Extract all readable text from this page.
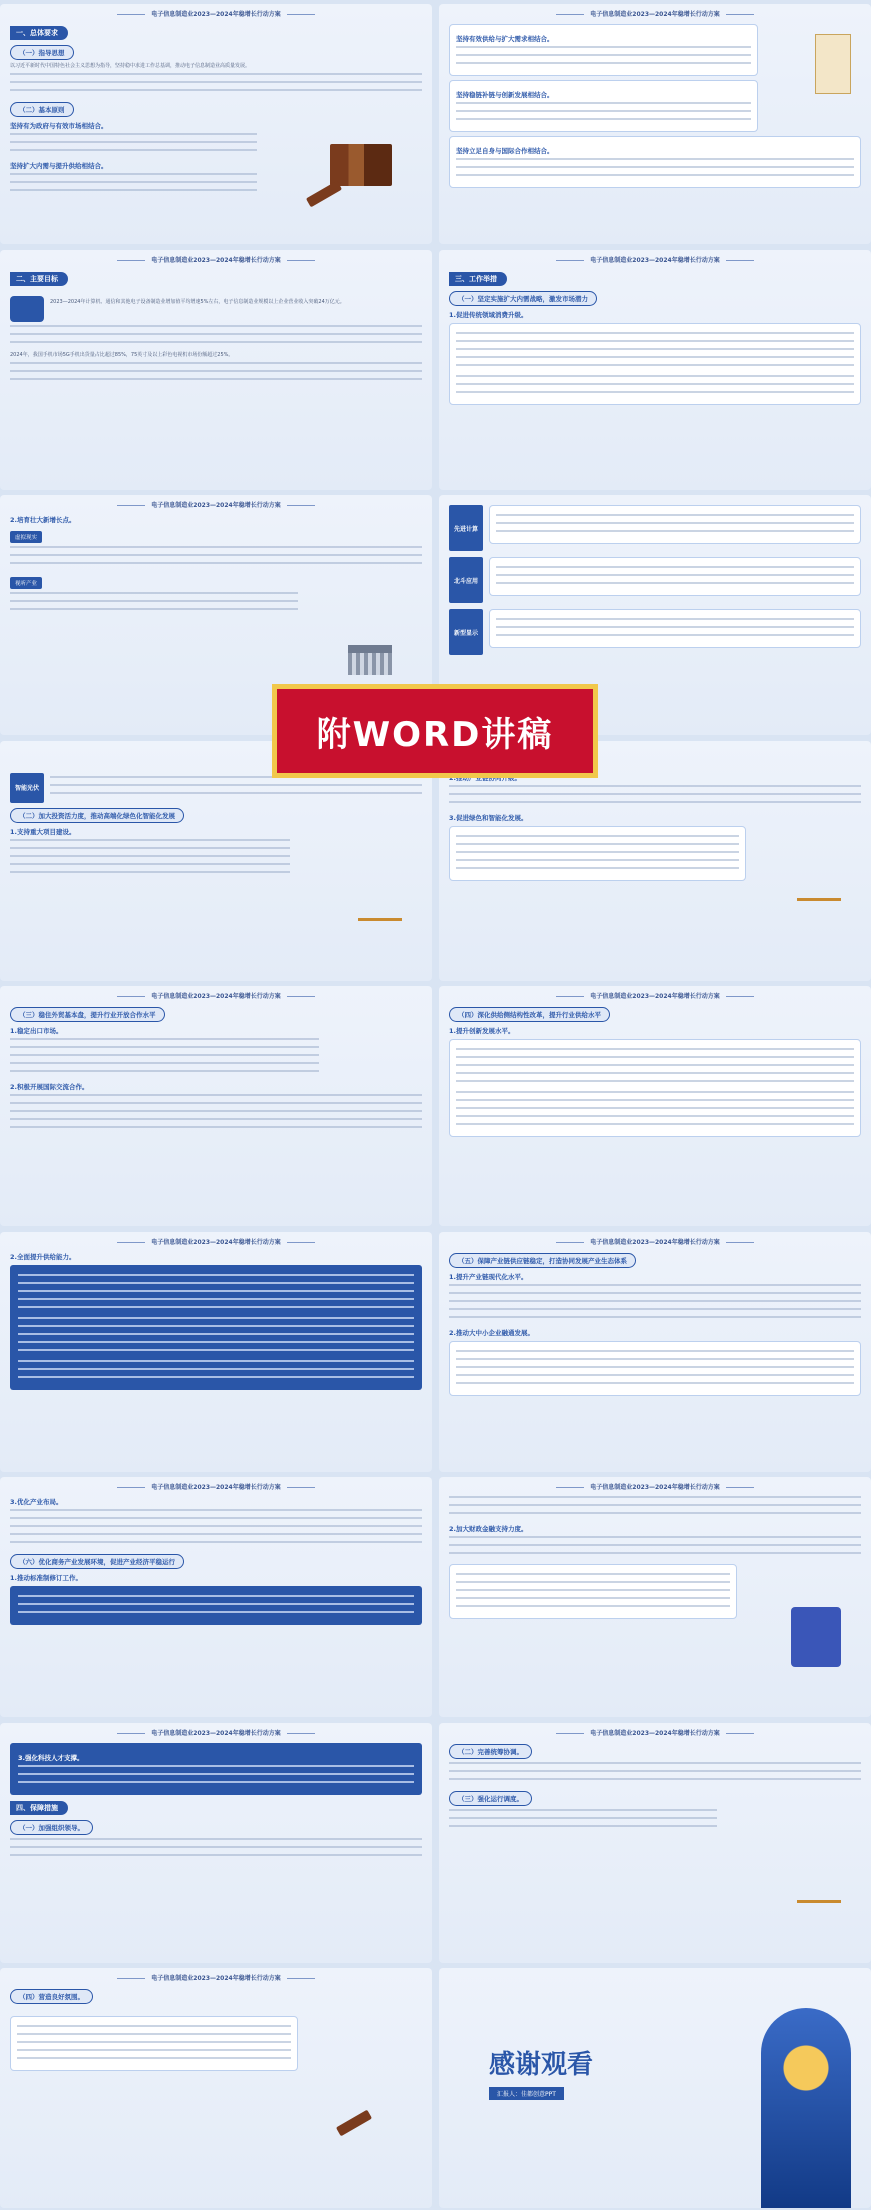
电子信息制造业2023—2024年稳增长行动方案
一、总体要求
（一）指导思想
以习近平新时代中国特色社会主义思想为指导，坚持稳中求进工作总基调，推动电子信息制造业高质量发展。
（二）基本原则
坚持有为政府与有效市场相结合。
坚持扩大内需与提升供给相结合。
电子信息制造业2023—2024年稳增长行动方案
坚持有效供给与扩大需求相结合。
坚持稳链补链与创新发展相结合。
坚持立足自身与国际合作相结合。
电子信息制造业2023—2024年稳增长行动方案
二、主要目标
2023—2024年计算机、通信和其他电子设备制造业增加值平均增速5%左右，电子信息制造业规模以上企业营业收入突破24万亿元。
2024年，我国手机市场5G手机出货量占比超过85%，75英寸及以上彩色电视机市场份额超过25%。
电子信息制造业2023—2024年稳增长行动方案
三、工作举措
（一）坚定实施扩大内需战略，激发市场潜力
1.促进传统领域消费升级。
电子信息制造业2023—2024年稳增长行动方案
2.培育壮大新增长点。
虚拟现实
视听产业
先进计算
北斗应用
新型显示
智能光伏
（二）加大投资活力度，推动高端化绿色化智能化发展
1.支持重大项目建设。
3.促进绿色和智能化发展。
电子信息制造业2023—2024年稳增长行动方案
（三）稳住外贸基本盘，提升行业开放合作水平
1.稳定出口市场。
2.积极开展国际交流合作。
电子信息制造业2023—2024年稳增长行动方案
（四）深化供给侧结构性改革，提升行业供给水平
1.提升创新发展水平。
电子信息制造业2023—2024年稳增长行动方案
2.全面提升供给能力。
电子信息制造业2023—2024年稳增长行动方案
（五）保障产业链供应链稳定，打造协同发展产业生态体系
1.提升产业链现代化水平。
2.推动大中小企业融通发展。
电子信息制造业2023—2024年稳增长行动方案
3.优化产业布局。
（六）优化商务产业发展环境，促进产业经济平稳运行
1.推动标准制修订工作。
电子信息制造业2023—2024年稳增长行动方案
2.加大财政金融支持力度。
电子信息制造业2023—2024年稳增长行动方案
3.强化科技人才支撑。
四、保障措施
（一）加强组织领导。
电子信息制造业2023—2024年稳增长行动方案
（二）完善统筹协调。
（三）强化运行调度。
电子信息制造业2023—2024年稳增长行动方案
（四）营造良好氛围。
感谢观看
汇报人：佳都创意PPT
附WORD讲稿
